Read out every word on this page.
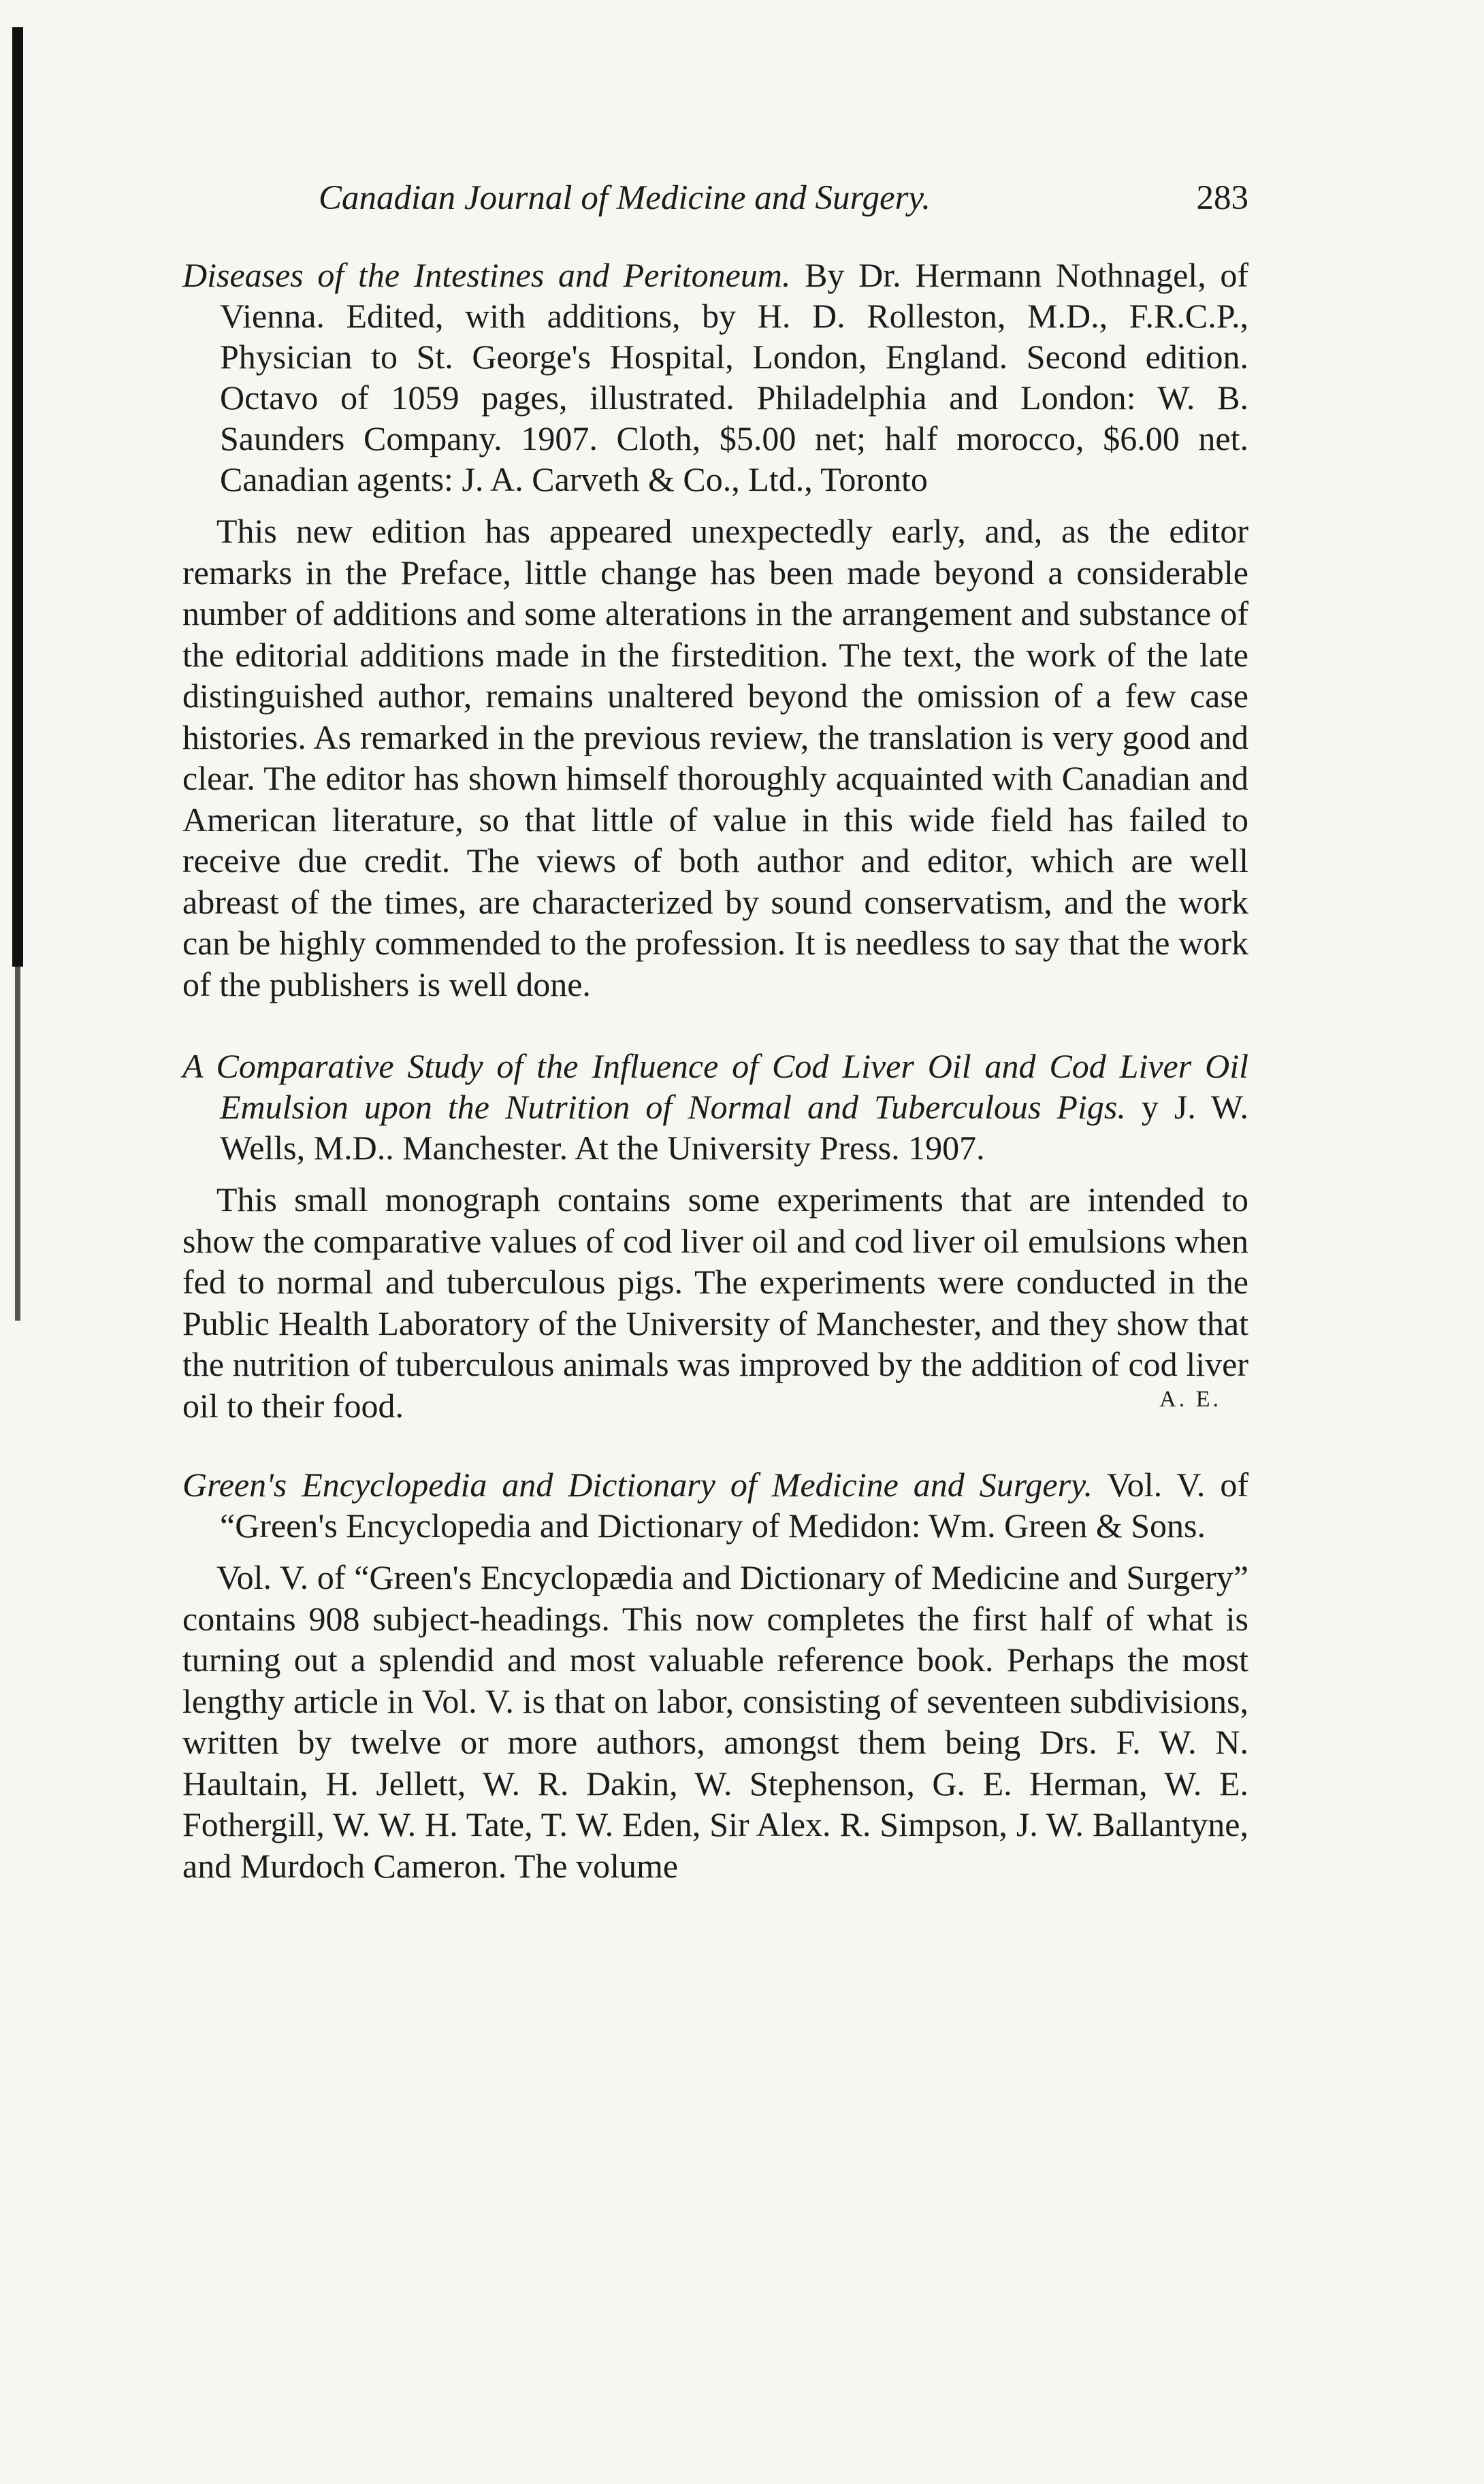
Canadian Journal of Medicine and Surgery.	283

Diseases of the Intestines and Peritoneum. By Dr. Hermann Nothnagel, of Vienna. Edited, with additions, by H. D. Rolleston, M.D., F.R.C.P., Physician to St. George's Hospital, London, England. Second edition. Octavo of 1059 pages, illustrated. Philadelphia and London: W. B. Saunders Company. 1907. Cloth, $5.00 net; half morocco, $6.00 net. Canadian agents: J. A. Carveth & Co., Ltd., Toronto

This new edition has appeared unexpectedly early, and, as the editor remarks in the Preface, little change has been made beyond a considerable number of additions and some alterations in the arrangement and substance of the editorial additions made in the firstedition. The text, the work of the late distinguished author, remains unaltered beyond the omission of a few case histories. As remarked in the previous review, the translation is very good and clear. The editor has shown himself thoroughly acquainted with Canadian and American literature, so that little of value in this wide field has failed to receive due credit. The views of both author and editor, which are well abreast of the times, are characterized by sound conservatism, and the work can be highly commended to the profession. It is needless to say that the work of the publishers is well done.

A Comparative Study of the Influence of Cod Liver Oil and Cod Liver Oil Emulsion upon the Nutrition of Normal and Tuberculous Pigs. y J. W. Wells, M.D.. Manchester. At the University Press. 1907.

This small monograph contains some experiments that are intended to show the comparative values of cod liver oil and cod liver oil emulsions when fed to normal and tuberculous pigs. The experiments were conducted in the Public Health Laboratory of the University of Manchester, and they show that the nutrition of tuberculous animals was improved by the addition of cod liver oil to their food.	A. E.

Green's Encyclopedia and Dictionary of Medicine and Surgery. Vol. V. of “Green's Encyclopedia and Dictionary of Medidon: Wm. Green & Sons.

Vol. V. of “Green's Encyclopædia and Dictionary of Medicine and Surgery” contains 908 subject-headings. This now completes the first half of what is turning out a splendid and most valuable reference book. Perhaps the most lengthy article in Vol. V. is that on labor, consisting of seventeen subdivisions, written by twelve or more authors, amongst them being Drs. F. W. N. Haultain, H. Jellett, W. R. Dakin, W. Stephenson, G. E. Herman, W. E. Fothergill, W. W. H. Tate, T. W. Eden, Sir Alex. R. Simpson, J. W. Ballantyne, and Murdoch Cameron. The volume
